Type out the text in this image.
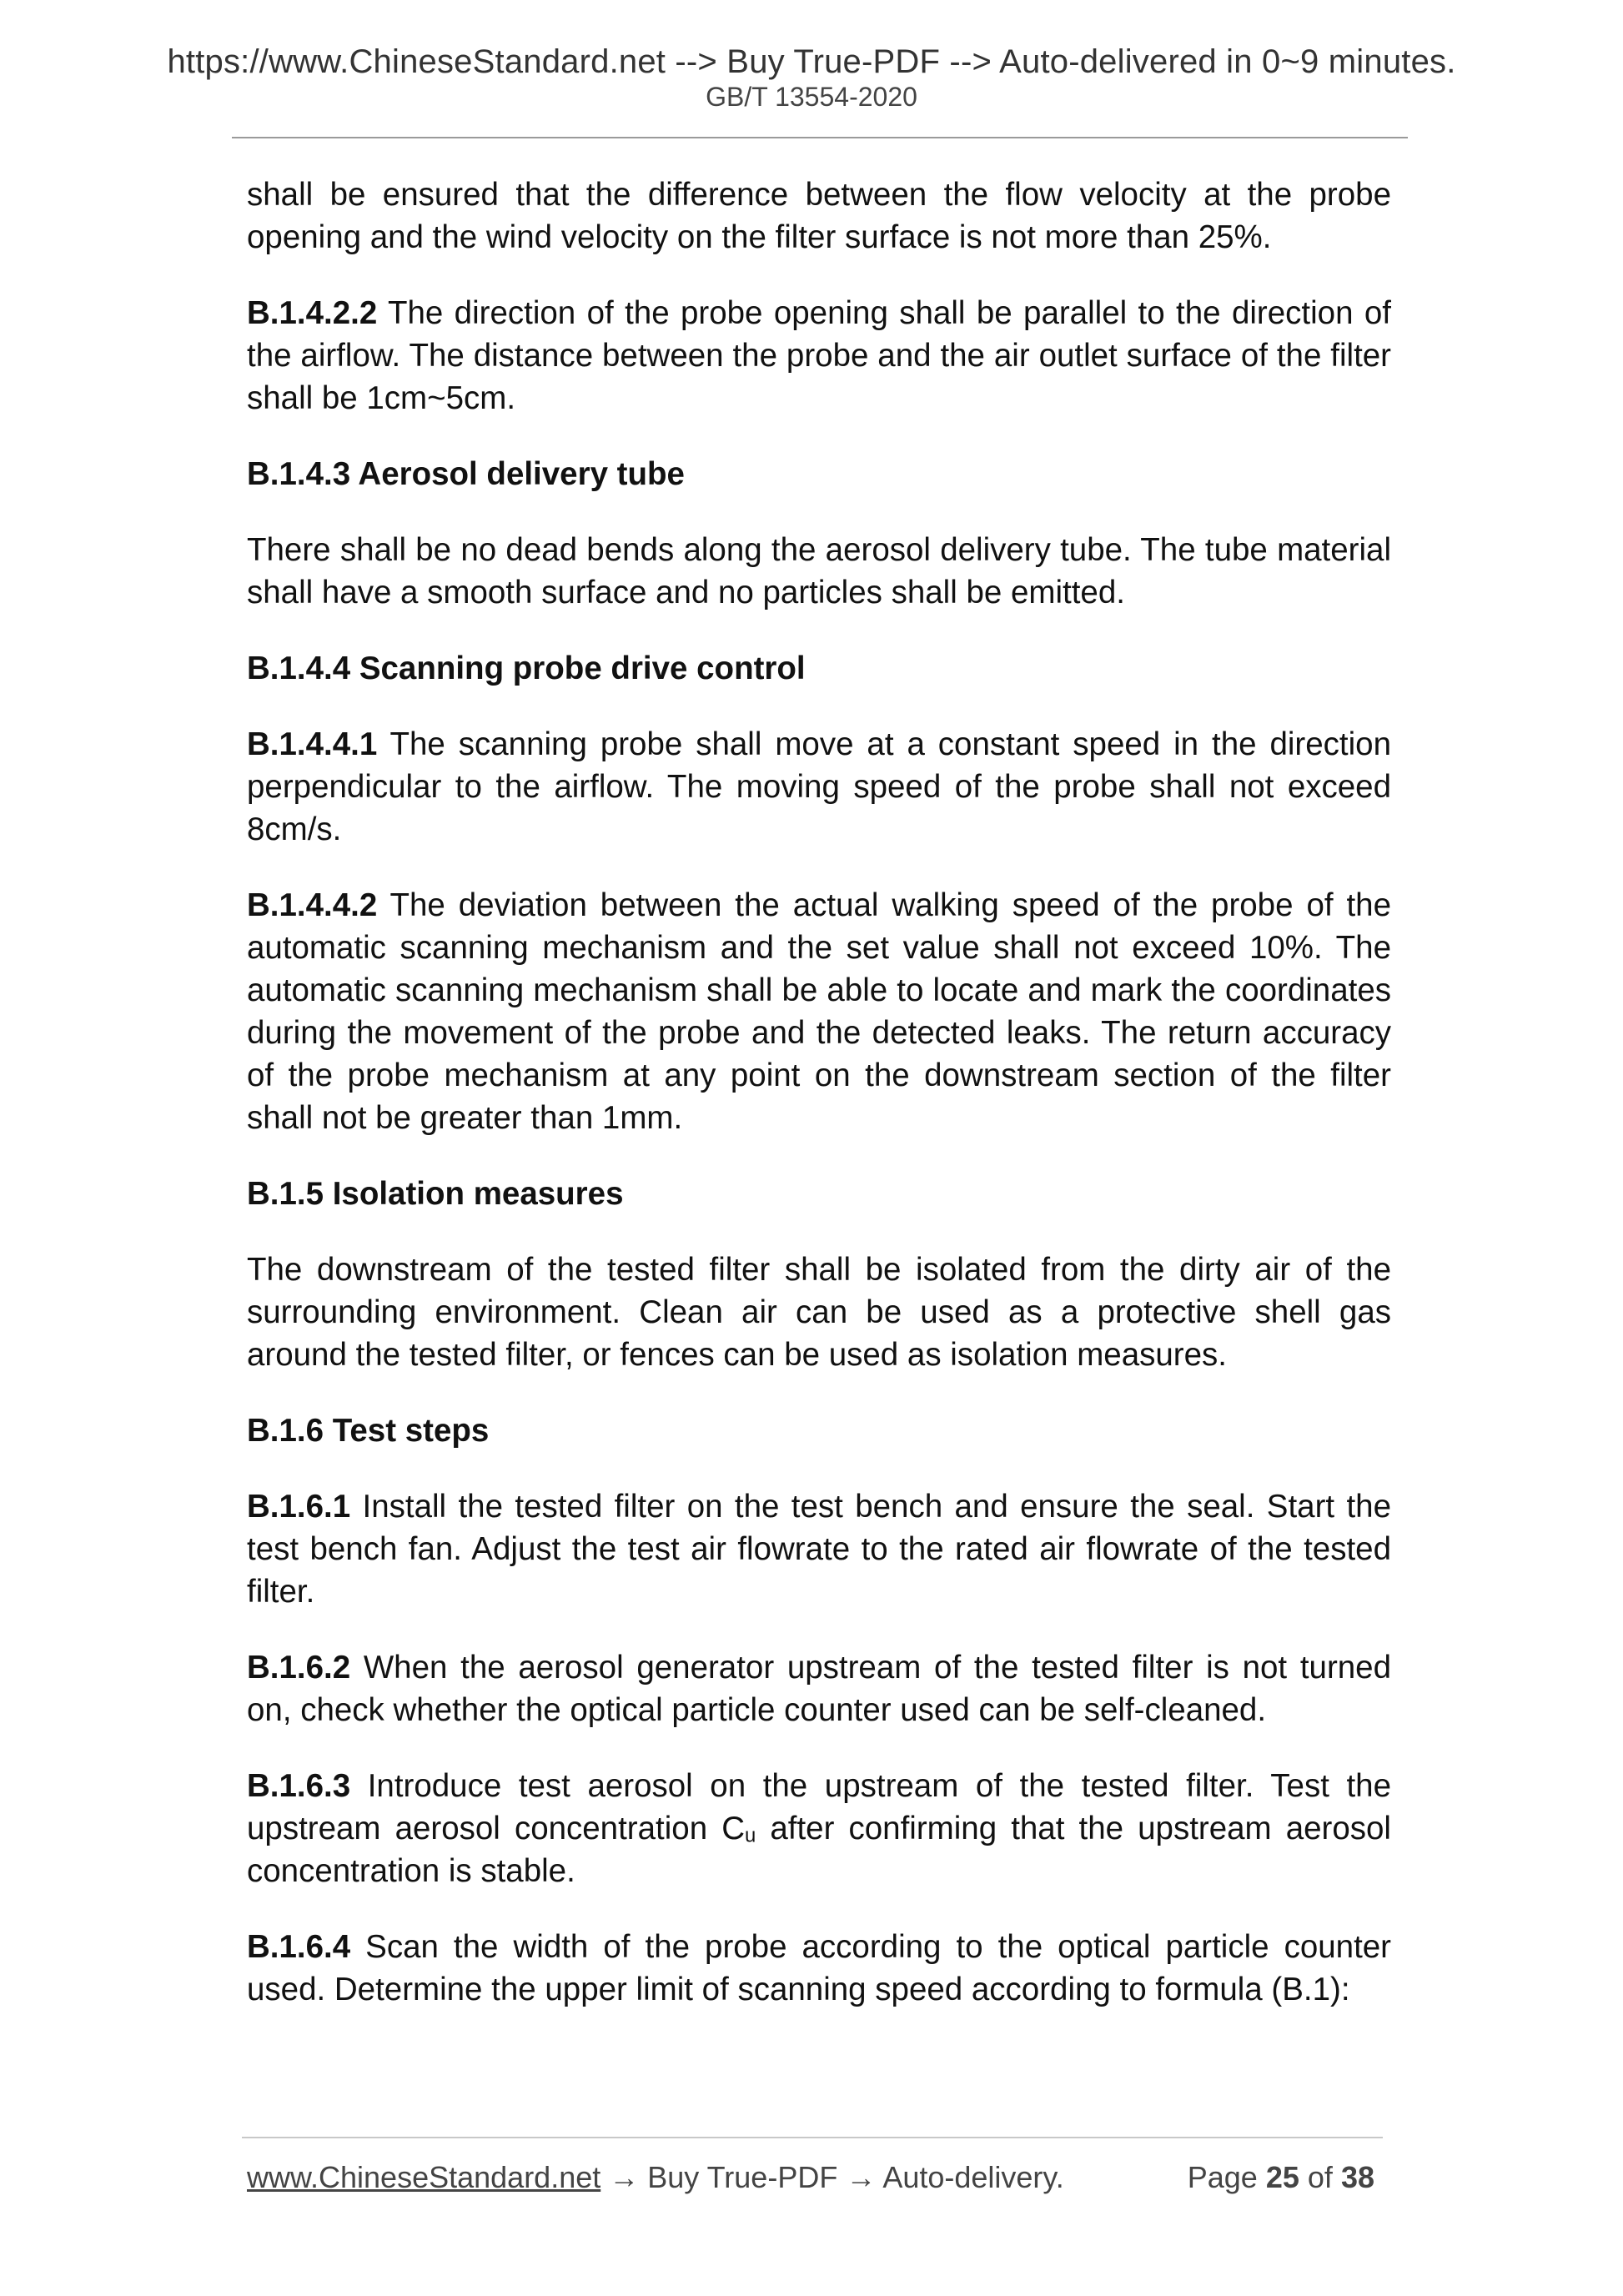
https://www.ChineseStandard.net --> Buy True-PDF --> Auto-delivered in 0~9 minutes.
GB/T 13554-2020

shall be ensured that the difference between the flow velocity at the probe opening and the wind velocity on the filter surface is not more than 25%.

B.1.4.2.2 The direction of the probe opening shall be parallel to the direction of the airflow. The distance between the probe and the air outlet surface of the filter shall be 1cm~5cm.

B.1.4.3 Aerosol delivery tube

There shall be no dead bends along the aerosol delivery tube. The tube material shall have a smooth surface and no particles shall be emitted.

B.1.4.4 Scanning probe drive control

B.1.4.4.1 The scanning probe shall move at a constant speed in the direction perpendicular to the airflow. The moving speed of the probe shall not exceed 8cm/s.

B.1.4.4.2 The deviation between the actual walking speed of the probe of the automatic scanning mechanism and the set value shall not exceed 10%. The automatic scanning mechanism shall be able to locate and mark the coordinates during the movement of the probe and the detected leaks. The return accuracy of the probe mechanism at any point on the downstream section of the filter shall not be greater than 1mm.

B.1.5 Isolation measures

The downstream of the tested filter shall be isolated from the dirty air of the surrounding environment. Clean air can be used as a protective shell gas around the tested filter, or fences can be used as isolation measures.

B.1.6 Test steps

B.1.6.1 Install the tested filter on the test bench and ensure the seal. Start the test bench fan. Adjust the test air flowrate to the rated air flowrate of the tested filter.

B.1.6.2 When the aerosol generator upstream of the tested filter is not turned on, check whether the optical particle counter used can be self-cleaned.

B.1.6.3 Introduce test aerosol on the upstream of the tested filter. Test the upstream aerosol concentration $C_u$ after confirming that the upstream aerosol concentration is stable.

B.1.6.4 Scan the width of the probe according to the optical particle counter used. Determine the upper limit of scanning speed according to formula (B.1):

www.ChineseStandard.net → Buy True-PDF → Auto-delivery.	Page 25 of 38
